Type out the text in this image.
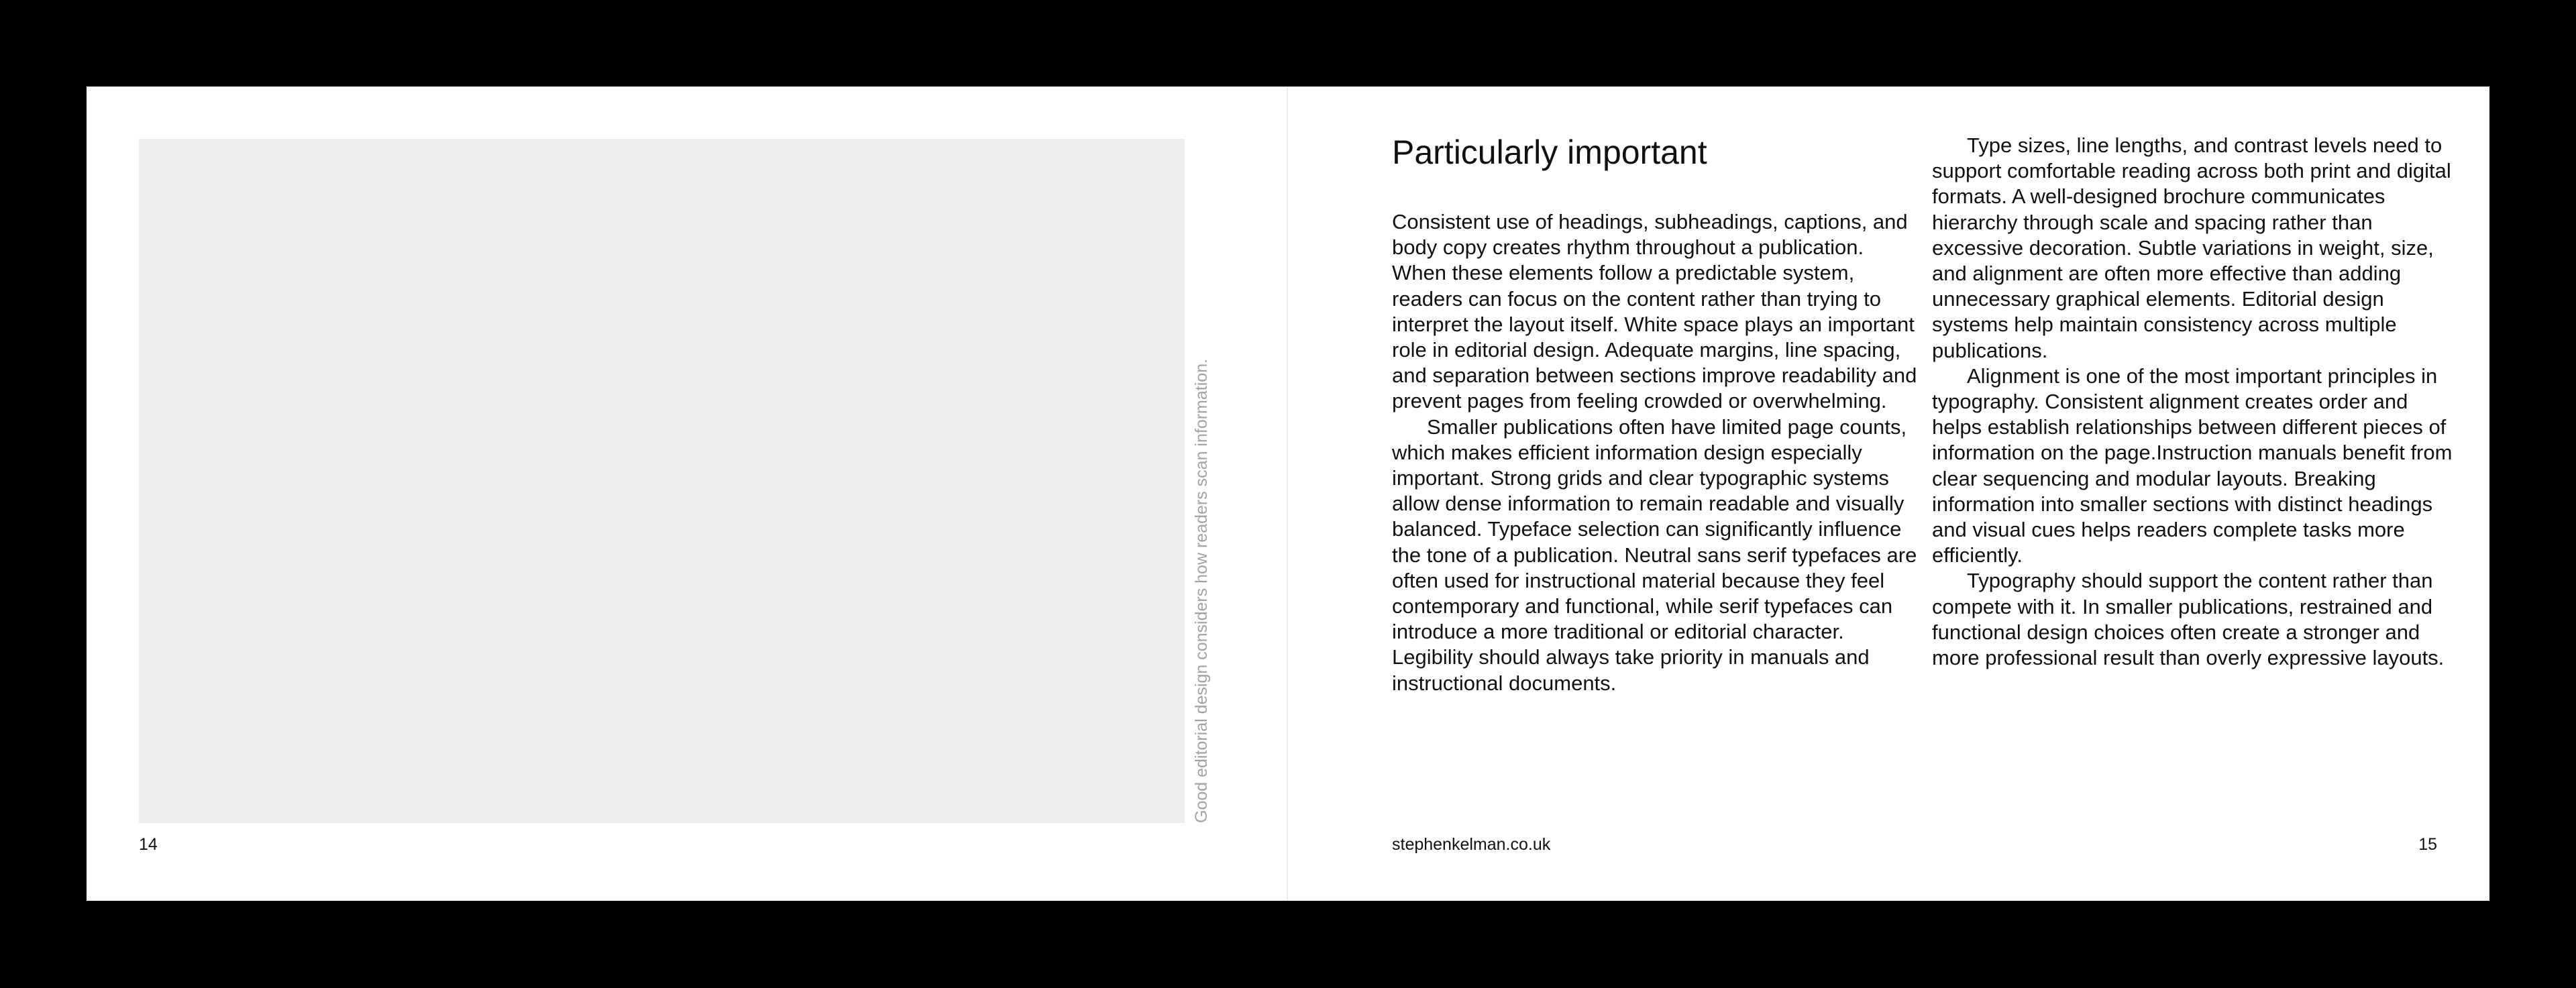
Good editorial design considers how readers scan information.
14
Particularly important

Consistent use of headings, subheadings, captions, and body copy creates rhythm throughout a publication. When these elements follow a predictable system, readers can focus on the content rather than trying to interpret the layout itself. White space plays an important role in editorial design. Adequate margins, line spacing, and separation between sections improve readability and prevent pages from feeling crowded or overwhelming.

Smaller publications often have limited page counts, which makes efficient information design especially important. Strong grids and clear typographic systems allow dense information to remain readable and visually balanced. Typeface selection can significantly influence the tone of a publication. Neutral sans serif typefaces are often used for instructional material because they feel contemporary and functional, while serif typefaces can introduce a more traditional or editorial character. Legibility should always take priority in manuals and instructional documents.

Type sizes, line lengths, and contrast levels need to support comfortable reading across both print and digital formats. A well-designed brochure communicates hierarchy through scale and spacing rather than excessive decoration. Subtle variations in weight, size, and alignment are often more effective than adding unnecessary graphical elements. Editorial design systems help maintain consistency across multiple publications.

Alignment is one of the most important principles in typography. Consistent alignment creates order and helps establish relationships between different pieces of information on the page.Instruction manuals benefit from clear sequencing and modular layouts. Breaking information into smaller sections with distinct headings and visual cues helps readers complete tasks more efficiently.

Typography should support the content rather than compete with it. In smaller publications, restrained and functional design choices often create a stronger and more professional result than overly expressive layouts.

stephenkelman.co.uk	15
